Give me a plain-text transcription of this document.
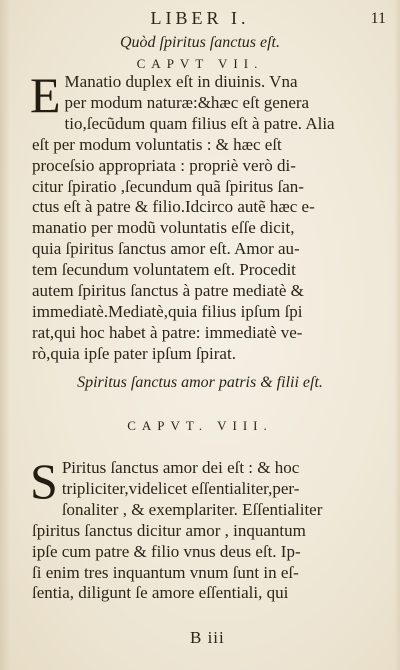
LIBER I.	11
Quòd ſpiritus ſanctus eſt.
CAPVT VII.
E Manatio duplex eſt in diuinis. Vna
per modum naturæ:&hæc eſt genera
tio,ſecũdum quam filius eſt à patre. Alia
eſt per modum voluntatis : & hæc eſt
proceſsio appropriata : propriè verò di-
citur ſpiratio ,ſecundum quã ſpiritus ſan-
ctus eſt à patre & filio.Idcirco autẽ hæc e-
manatio per modũ voluntatis eſſe dicit,
quia ſpiritus ſanctus amor eſt. Amor au-
tem ſecundum voluntatem eſt. Procedit
autem ſpiritus ſanctus à patre mediatè &
immediatè.Mediatè,quia filius ipſum ſpi
rat,qui hoc habet à patre: immediatè ve-
rò,quia ipſe pater ipſum ſpirat.
Spiritus ſanctus amor patris & filii eſt.
CAPVT. VIII.
S Piritus ſanctus amor dei eſt : & hoc
tripliciter,videlicet eſſentialiter,per-
ſonaliter , & exemplariter. Eſſentialiter
ſpiritus ſanctus dicitur amor , inquantum
ipſe cum patre & filio vnus deus eſt. Ip-
ſi enim tres inquantum vnum ſunt in eſ-
ſentia, diligunt ſe amore eſſentiali, qui
B iii
